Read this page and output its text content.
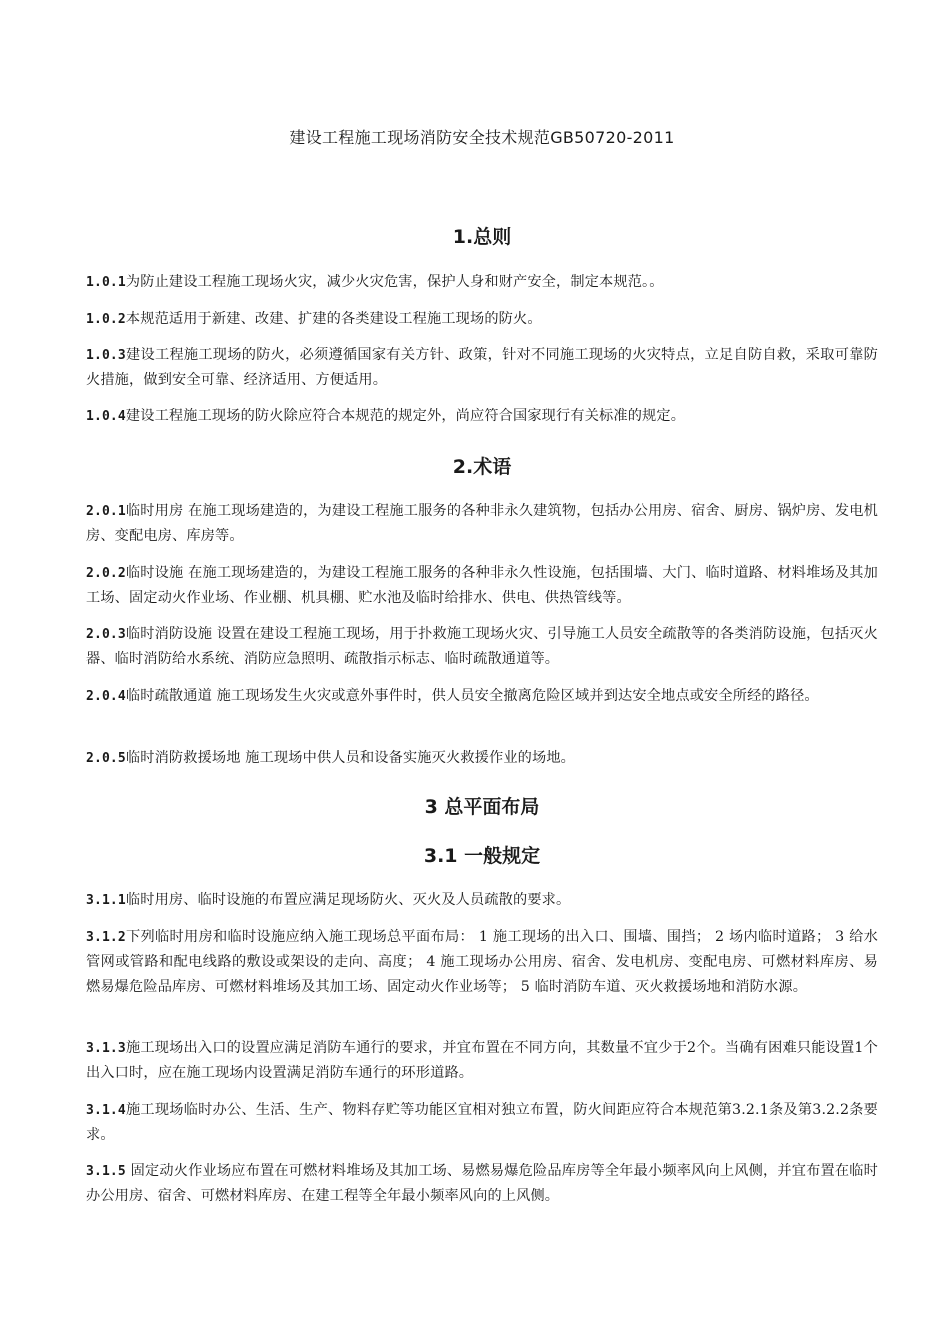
建设工程施工现场消防安全技术规范GB50720-2011
1.总则
1.0.1为防止建设工程施工现场火灾，减少火灾危害，保护人身和财产安全，制定本规范。。
1.0.2本规范适用于新建、改建、扩建的各类建设工程施工现场的防火。
1.0.3建设工程施工现场的防火，必须遵循国家有关方针、政策，针对不同施工现场的火灾特点，立足自防自救，采取可靠防火措施，做到安全可靠、经济适用、方便适用。
1.0.4建设工程施工现场的防火除应符合本规范的规定外，尚应符合国家现行有关标准的规定。
2.术语
2.0.1临时用房 在施工现场建造的，为建设工程施工服务的各种非永久建筑物，包括办公用房、宿舍、厨房、锅炉房、发电机房、变配电房、库房等。
2.0.2临时设施 在施工现场建造的，为建设工程施工服务的各种非永久性设施，包括围墙、大门、临时道路、材料堆场及其加工场、固定动火作业场、作业棚、机具棚、贮水池及临时给排水、供电、供热管线等。
2.0.3临时消防设施 设置在建设工程施工现场，用于扑救施工现场火灾、引导施工人员安全疏散等的各类消防设施，包括灭火器、临时消防给水系统、消防应急照明、疏散指示标志、临时疏散通道等。
2.0.4临时疏散通道 施工现场发生火灾或意外事件时，供人员安全撤离危险区域并到达安全地点或安全所经的路径。
2.0.5临时消防救援场地 施工现场中供人员和设备实施灭火救援作业的场地。
3 总平面布局
3.1 一般规定
3.1.1临时用房、临时设施的布置应满足现场防火、灭火及人员疏散的要求。
3.1.2下列临时用房和临时设施应纳入施工现场总平面布局： 1 施工现场的出入口、围墙、围挡； 2 场内临时道路； 3 给水管网或管路和配电线路的敷设或架设的走向、高度； 4 施工现场办公用房、宿舍、发电机房、变配电房、可燃材料库房、易燃易爆危险品库房、可燃材料堆场及其加工场、固定动火作业场等； 5 临时消防车道、灭火救援场地和消防水源。
3.1.3施工现场出入口的设置应满足消防车通行的要求，并宜布置在不同方向，其数量不宜少于2个。当确有困难只能设置1个出入口时，应在施工现场内设置满足消防车通行的环形道路。
3.1.4施工现场临时办公、生活、生产、物料存贮等功能区宜相对独立布置，防火间距应符合本规范第3.2.1条及第3.2.2条要求。
3.1.5 固定动火作业场应布置在可燃材料堆场及其加工场、易燃易爆危险品库房等全年最小频率风向上风侧，并宜布置在临时办公用房、宿舍、可燃材料库房、在建工程等全年最小频率风向的上风侧。
